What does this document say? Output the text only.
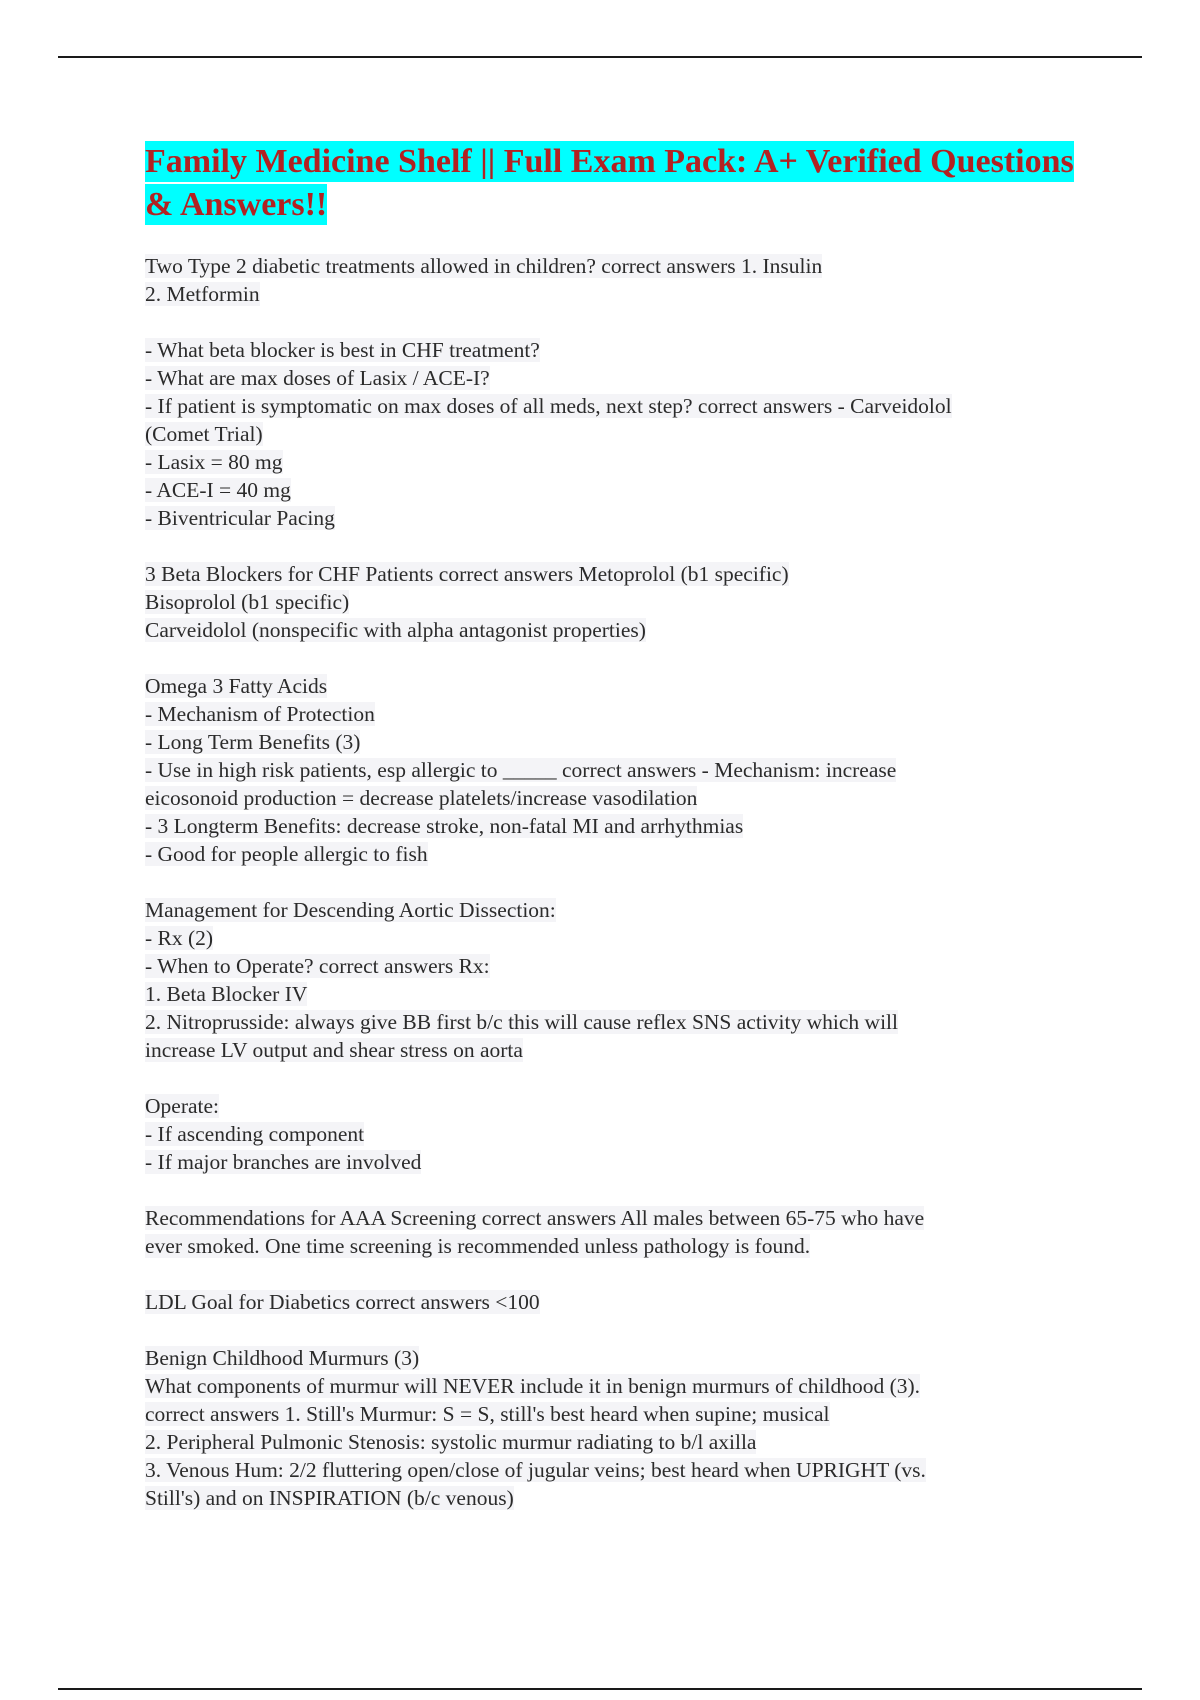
Family Medicine Shelf || Full Exam Pack: A+ Verified Questions & Answers!!
Two Type 2 diabetic treatments allowed in children? correct answers 1. Insulin
2. Metformin
- What beta blocker is best in CHF treatment?
- What are max doses of Lasix / ACE-I?
- If patient is symptomatic on max doses of all meds, next step? correct answers - Carveidolol
(Comet Trial)
- Lasix = 80 mg
- ACE-I = 40 mg
- Biventricular Pacing
3 Beta Blockers for CHF Patients correct answers Metoprolol (b1 specific)
Bisoprolol (b1 specific)
Carveidolol (nonspecific with alpha antagonist properties)
Omega 3 Fatty Acids
- Mechanism of Protection
- Long Term Benefits (3)
- Use in high risk patients, esp allergic to _____ correct answers - Mechanism: increase
eicosonoid production = decrease platelets/increase vasodilation
- 3 Longterm Benefits: decrease stroke, non-fatal MI and arrhythmias
- Good for people allergic to fish
Management for Descending Aortic Dissection:
- Rx (2)
- When to Operate? correct answers Rx:
1. Beta Blocker IV
2. Nitroprusside: always give BB first b/c this will cause reflex SNS activity which will
increase LV output and shear stress on aorta
Operate:
- If ascending component
- If major branches are involved
Recommendations for AAA Screening correct answers All males between 65-75 who have
ever smoked. One time screening is recommended unless pathology is found.
LDL Goal for Diabetics correct answers <100
Benign Childhood Murmurs (3)
What components of murmur will NEVER include it in benign murmurs of childhood (3).
correct answers 1. Still's Murmur: S = S, still's best heard when supine; musical
2. Peripheral Pulmonic Stenosis: systolic murmur radiating to b/l axilla
3. Venous Hum: 2/2 fluttering open/close of jugular veins; best heard when UPRIGHT (vs.
Still's) and on INSPIRATION (b/c venous)
